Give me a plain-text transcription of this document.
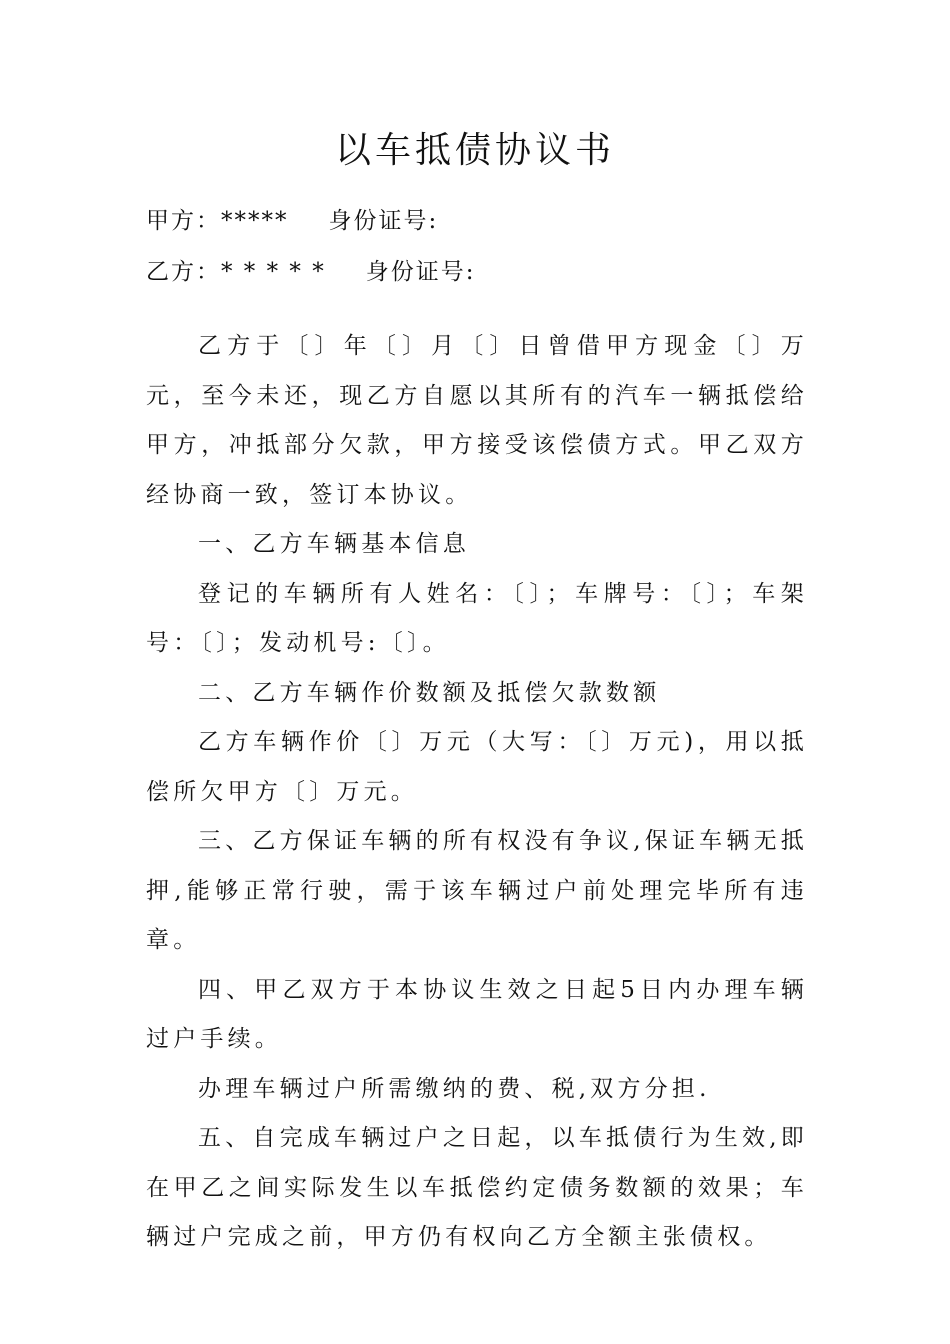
以车抵债协议书
甲方：***** 身份证号:
乙方：* * * * * 身份证号:

乙方于〔〕年〔〕月〔〕日曾借甲方现金〔〕万元，至今未还，现乙方自愿以其所有的汽车一辆抵偿给甲方，冲抵部分欠款，甲方接受该偿债方式。甲乙双方经协商一致，签订本协议。

一、乙方车辆基本信息

登记的车辆所有人姓名：〔〕；车牌号：〔〕；车架号：〔〕；发动机号:〔〕。

二、乙方车辆作价数额及抵偿欠款数额

乙方车辆作价〔〕万元（大写：〔〕万元)，用以抵偿所欠甲方〔〕万元。

三、乙方保证车辆的所有权没有争议,保证车辆无抵押,能够正常行驶，需于该车辆过户前处理完毕所有违章。

四、甲乙双方于本协议生效之日起5日内办理车辆过户手续。

办理车辆过户所需缴纳的费、税,双方分担.

五、自完成车辆过户之日起，以车抵债行为生效,即在甲乙之间实际发生以车抵偿约定债务数额的效果；车辆过户完成之前，甲方仍有权向乙方全额主张债权。
